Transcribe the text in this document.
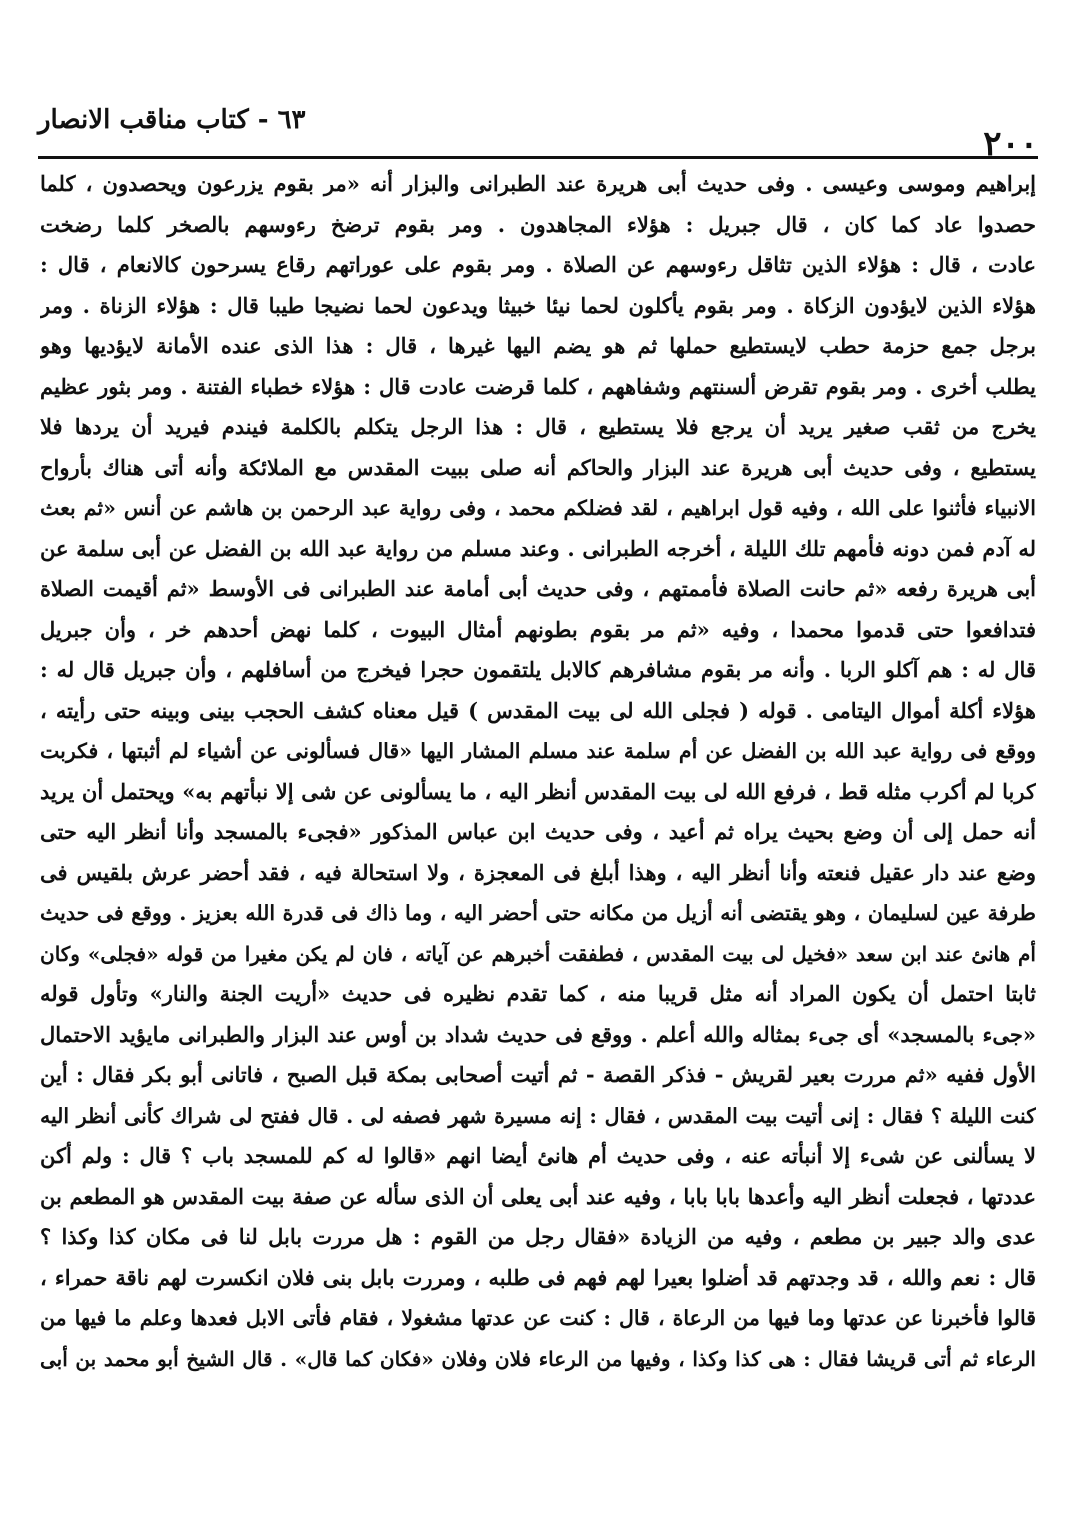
٢٠٠
٦٣ - كتاب مناقب الانصار
إبراهيم وموسى وعيسى . وفى حديث أبى هريرة عند الطبرانى والبزار أنه «مر بقوم يزرعون ويحصدون ، كلما
حصدوا عاد كما كان ، قال جبريل : هؤلاء المجاهدون . ومر بقوم ترضخ رءوسهم بالصخر كلما رضخت
عادت ، قال : هؤلاء الذين تثاقل رءوسهم عن الصلاة . ومر بقوم على عوراتهم رقاع يسرحون كالانعام ، قال :
هؤلاء الذين لايؤدون الزكاة . ومر بقوم يأكلون لحما نيئا خبيثا ويدعون لحما نضيجا طيبا قال : هؤلاء الزناة . ومر
برجل جمع حزمة حطب لايستطيع حملها ثم هو يضم اليها غيرها ، قال : هذا الذى عنده الأمانة لايؤديها وهو
يطلب أخرى . ومر بقوم تقرض ألسنتهم وشفاههم ، كلما قرضت عادت قال : هؤلاء خطباء الفتنة . ومر بثور عظيم
يخرج من ثقب صغير يريد أن يرجع فلا يستطيع ، قال : هذا الرجل يتكلم بالكلمة فيندم فيريد أن يردها فلا
يستطيع ، وفى حديث أبى هريرة عند البزار والحاكم أنه صلى ببيت المقدس مع الملائكة وأنه أتى هناك بأرواح
الانبياء فأثنوا على الله ، وفيه قول ابراهيم ، لقد فضلكم محمد ، وفى رواية عبد الرحمن بن هاشم عن أنس «ثم بعث
له آدم فمن دونه فأمهم تلك الليلة ، أخرجه الطبرانى . وعند مسلم من رواية عبد الله بن الفضل عن أبى سلمة عن
أبى هريرة رفعه «ثم حانت الصلاة فأممتهم ، وفى حديث أبى أمامة عند الطبرانى فى الأوسط «ثم أقيمت الصلاة
فتدافعوا حتى قدموا محمدا ، وفيه «ثم مر بقوم بطونهم أمثال البيوت ، كلما نهض أحدهم خر ، وأن جبريل
قال له : هم آكلو الربا . وأنه مر بقوم مشافرهم كالابل يلتقمون حجرا فيخرج من أسافلهم ، وأن جبريل قال له :
هؤلاء أكلة أموال اليتامى . قوله ( فجلى الله لى بيت المقدس ) قيل معناه كشف الحجب بينى وبينه حتى رأيته ،
ووقع فى رواية عبد الله بن الفضل عن أم سلمة عند مسلم المشار اليها «قال فسألونى عن أشياء لم أثبتها ، فكربت
كربا لم أكرب مثله قط ، فرفع الله لى بيت المقدس أنظر اليه ، ما يسألونى عن شى إلا نبأتهم به» ويحتمل أن يريد
أنه حمل إلى أن وضع بحيث يراه ثم أعيد ، وفى حديث ابن عباس المذكور «فجىء بالمسجد وأنا أنظر اليه حتى
وضع عند دار عقيل فنعته وأنا أنظر اليه ، وهذا أبلغ فى المعجزة ، ولا استحالة فيه ، فقد أحضر عرش بلقيس فى
طرفة عين لسليمان ، وهو يقتضى أنه أزيل من مكانه حتى أحضر اليه ، وما ذاك فى قدرة الله بعزيز . ووقع فى حديث
أم هانئ عند ابن سعد «فخيل لى بيت المقدس ، فطفقت أخبرهم عن آياته ، فان لم يكن مغيرا من قوله «فجلى» وكان
ثابتا احتمل أن يكون المراد أنه مثل قريبا منه ، كما تقدم نظيره فى حديث «أريت الجنة والنار» وتأول قوله
«جىء بالمسجد» أى جىء بمثاله والله أعلم . ووقع فى حديث شداد بن أوس عند البزار والطبرانى مايؤيد الاحتمال
الأول ففيه «ثم مررت بعير لقريش - فذكر القصة - ثم أتيت أصحابى بمكة قبل الصبح ، فاتانى أبو بكر فقال : أين
كنت الليلة ؟ فقال : إنى أتيت بيت المقدس ، فقال : إنه مسيرة شهر فصفه لى . قال ففتح لى شراك كأنى أنظر اليه
لا يسألنى عن شىء إلا أنبأته عنه ، وفى حديث أم هانئ أيضا انهم «قالوا له كم للمسجد باب ؟ قال : ولم أكن
عددتها ، فجعلت أنظر اليه وأعدها بابا بابا ، وفيه عند أبى يعلى أن الذى سأله عن صفة بيت المقدس هو المطعم بن
عدى والد جبير بن مطعم ، وفيه من الزيادة «فقال رجل من القوم : هل مررت بابل لنا فى مكان كذا وكذا ؟
قال : نعم والله ، قد وجدتهم قد أضلوا بعيرا لهم فهم فى طلبه ، ومررت بابل بنى فلان انكسرت لهم ناقة حمراء ،
قالوا فأخبرنا عن عدتها وما فيها من الرعاة ، قال : كنت عن عدتها مشغولا ، فقام فأتى الابل فعدها وعلم ما فيها من
الرعاء ثم أتى قريشا فقال : هى كذا وكذا ، وفيها من الرعاء فلان وفلان «فكان كما قال» . قال الشيخ أبو محمد بن أبى
